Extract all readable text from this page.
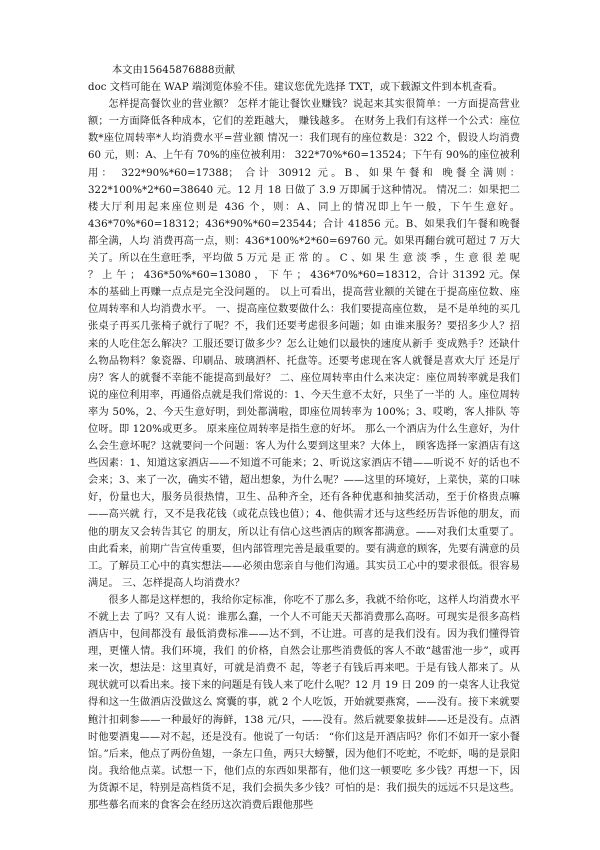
本文由15645876888贡献

doc 文档可能在 WAP 端浏览体验不佳。建议您优先选择 TXT，或下载源文件到本机查看。

怎样提高餐饮业的营业额？ 怎样才能让餐饮业赚钱？说起来其实很简单：一方面提高营业额；一方面降低各种成本，它们的差距越大， 赚钱越多。 在财务上我们有这样一个公式：座位数*座位周转率*人均消费水平=营业额 情况一：我们现有的座位数是：322 个，假设人均消费 60 元，则：A、上午有 70%的座位被利用： 322*70%*60=13524；下午有 90%的座位被利用： 322*90%*60=17388； 合计 30912 元。B、如果午餐和 晚餐全满则：322*100%*2*60=38640 元。12 月 18 日做了 3.9 万即属于这种情况。 情况二：如果把二楼大厅利用起来座位则是 436 个，则：A、同上的情况即上午一般，下午生意好。436*70%*60=18312；436*90%*60=23544；合计 41856 元。B、如果我们午餐和晚餐都全满，人均 消费再高一点，则：436*100%*2*60=69760 元。如果再翻台就可超过 7 万大关了。所以在生意旺季，平均做 5 万元 是 正 常 的 。 C 、如 果 生 意 淡 季 ，生 意 很 差 呢 ？ 上 午 ； 436*50%*60=13080 ， 下 午 ； 436*70%*60=18312，合计 31392 元。保本的基础上再赚一点点是完全没问题的。 以上可看出，提高营业额的关键在于提高座位数、座位周转率和人均消费水平。 一、提高座位数要做什么：我们要提高座位数， 是不是单纯的买几张桌子再买几张椅子就行了呢？不，我们还要考虑很多问题；如 由谁来服务？要招多少人？招来的人吃住怎么解决？工服还要订做多少？怎么让她们以最快的速度从新手 变成熟手？还缺什么物品物料？象瓷器、印刷品、玻璃酒杯、托盘等。还要考虑现在客人就餐是喜欢大厅 还是厅房？客人的就餐不幸能不能提高到最好？ 二、座位周转率由什么来决定：座位周转率就是我们说的座位利用率，再通俗点就是我们常说的：1、今天生意不太好，只坐了一半的 人。座位周转率为 50%，2、今天生意好明，到处都满啦，即座位周转率为 100%；3、哎哟，客人排队 等位呀。即 120%或更多。 原来座位周转率是指生意的好坏。 那么一个酒店为什么生意好，为什么会生意坏呢？这就要问一个问题：客人为什么要到这里来？大体上， 顾客选择一家酒店有这些因素：1、知道这家酒店——不知道不可能来；2、听说这家酒店不错——听说不 好的话也不会来；3、来了一次，确实不错，超出想象，为什么呢？——这里的环境好，上菜快，菜的口味 好，份量也大，服务员很热情，卫生、品种齐全，还有各种优惠和抽奖活动，至于价格贵点嘛——高兴就 行，又不是我花钱（或花点钱也值）；4、他供需才还与这些经历告诉他的朋友，而他的朋友又会转告其它 的朋友，所以让有信心这些酒店的顾客都满意。——对我们太重要了。由此看来，前期广告宣传重要，但内部管理完善是最重要的。要有满意的顾客，先要有满意的员工。了解员工心中的真实想法——必须由您亲自与他们沟通。其实员工心中的要求很低。很容易满足。 三、怎样提高人均消费水？

很多人都是这样想的，我给你定标准，你吃不了那么多，我就不给你吃，这样人均消费水平不就上去 了吗？又有人说：谁那么蠢，一个人不可能天天都消费那么高呀。可现实是很多高档酒店中，包间都没有 最低消费标准——达不到，不让进。可喜的是我们没有。因为我们懂得管理，更懂人情。我们环境，我们 的价格，自然会让那些消费低的客人不敢“越雷池一步”，或再来一次，想法是：这里真好，可就是消费不 起，等老子有钱后再来吧。于是有钱人都来了。从现状就可以看出来。接下来的问题是有钱人来了吃什么呢？12 月 19 日 209 的一桌客人让我觉得和这一生做酒店没做这么 窝囊的事，就 2 个人吃饭，开始就要燕窝，——没有。接下来就要鲍汁扣刺参——一种最好的海鲜，138 元/只，——没有。然后就要象拔蚌——还是没有。点酒时他要酒鬼——对不起，还是没有。他说了一句话： “你们这是开酒店吗？你们不如开一家小餐馆。”后来，他点了两份鱼翅，一条左口鱼，两只大螃蟹，因为他们不吃蛇，不吃虾，喝的是景阳岗。我给他点菜。试想一下，他们点的东西如果都有，他们这一顿要吃 多少钱？再想一下，因为货源不足，特别是高档货不足，我们会损失多少钱？可怕的是：我们损失的远远不只是这些。那些慕名而来的食客会在经历这次消费后跟他那些
